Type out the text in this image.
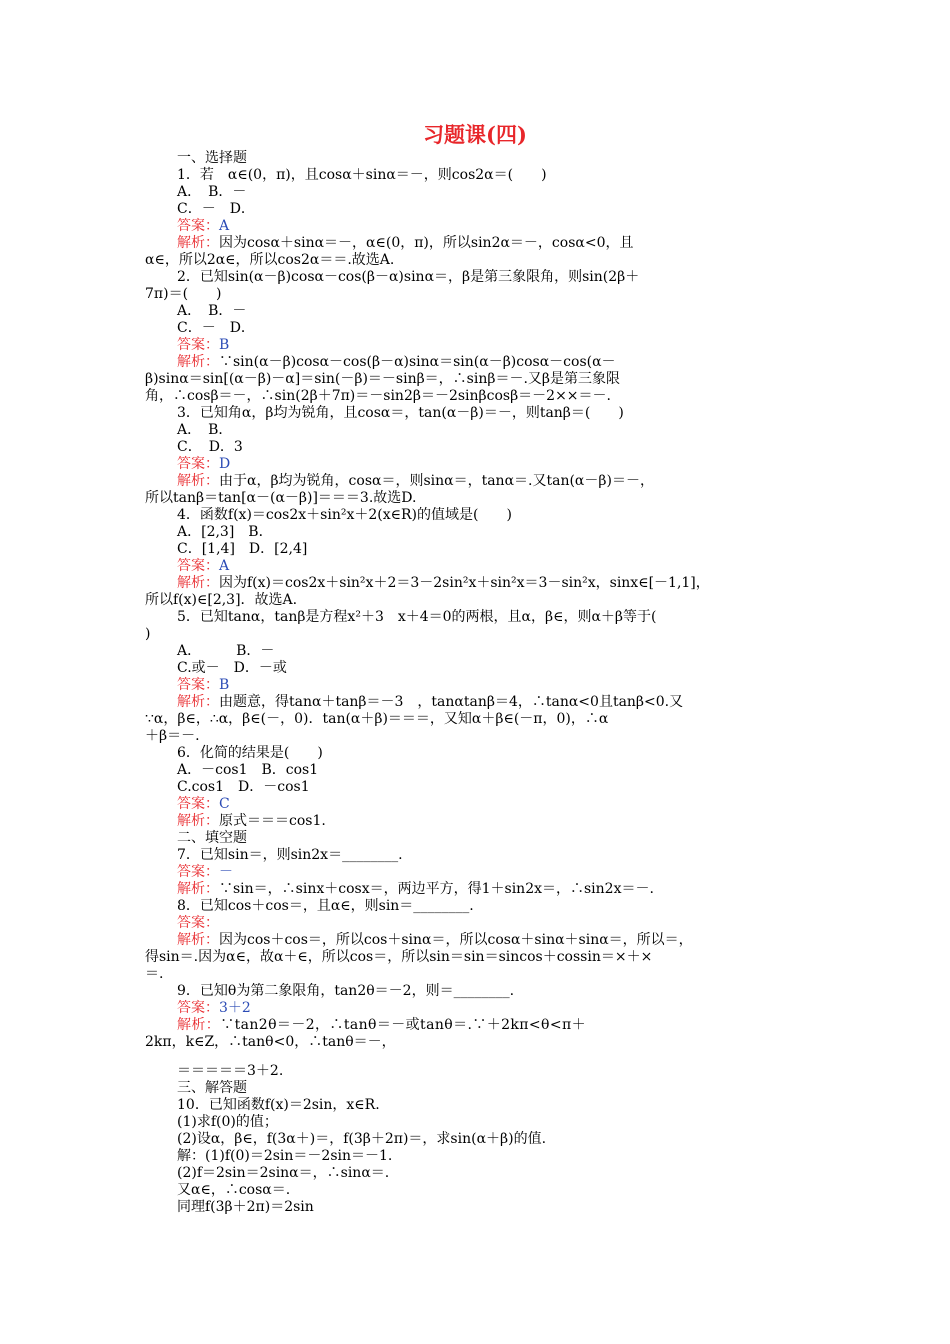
习题课(四)
一、选择题
1．若　α∈(0，π)，且cosα＋sinα＝－，则cos2α＝(　　)
A．　B．－
C．－　D．
答案：A
解析：因为cosα＋sinα＝－，α∈(0，π)，所以sin2α＝－，cosα<0，且
α∈，所以2α∈，所以cos2α＝＝.故选A.
2．已知sin(α－β)cosα－cos(β－α)sinα＝，β是第三象限角，则sin(2β＋
7π)＝(　　)
A．　B．－
C．－　D．
答案：B
解析：∵sin(α－β)cosα－cos(β－α)sinα＝sin(α－β)cosα－cos(α－
β)sinα＝sin[(α－β)－α]＝sin(－β)＝－sinβ＝，∴sinβ＝－.又β是第三象限
角，∴cosβ＝－，∴sin(2β＋7π)＝－sin2β＝－2sinβcosβ＝－2××＝－.
3．已知角α，β均为锐角，且cosα＝，tan(α－β)＝－，则tanβ＝(　　)
A．　B．
C．　D．3
答案：D
解析：由于α，β均为锐角，cosα＝，则sinα＝，tanα＝.又tan(α－β)＝－，
所以tanβ＝tan[α－(α－β)]＝＝＝3.故选D.
4．函数f(x)＝cos2x＋sin²x＋2(x∈R)的值域是(　　)
A．[2,3]　B．
C．[1,4]　D．[2,4]
答案：A
解析：因为f(x)＝cos2x＋sin²x＋2＝3－2sin²x＋sin²x＝3－sin²x，sinx∈[－1,1]，
所以f(x)∈[2,3]．故选A.
5．已知tanα，tanβ是方程x²＋3　x＋4＝0的两根，且α，β∈，则α＋β等于(
)
A．　　　B．－
C.或－　D．－或
答案：B
解析：由题意，得tanα＋tanβ＝－3　，tanαtanβ＝4，∴tanα<0且tanβ<0.又
∵α，β∈，∴α，β∈(－，0)．tan(α＋β)＝＝＝，又知α＋β∈(－π，0)，∴α
＋β＝－.
6．化简的结果是(　　)
A．－cos1　B．cos1
C.cos1　D．－cos1
答案：C
解析：原式＝＝＝cos1.
二、填空题
7．已知sin＝，则sin2x＝________.
答案：－
解析：∵sin＝，∴sinx＋cosx＝，两边平方，得1＋sin2x＝，∴sin2x＝－.
8．已知cos＋cos＝，且α∈，则sin＝________.
答案：
解析：因为cos＋cos＝，所以cos＋sinα＝，所以cosα＋sinα＋sinα＝，所以＝，
得sin＝.因为α∈，故α＋∈，所以cos＝，所以sin＝sin＝sincos＋cossin＝×＋×
＝.
9．已知θ为第二象限角，tan2θ＝－2，则＝________.
答案：3＋2
解析：∵tan2θ＝－2，∴tanθ＝－或tanθ＝.∵＋2kπ<θ<π＋
2kπ，k∈Z，∴tanθ<0，∴tanθ＝－，
＝＝＝＝＝3＋2.
三、解答题
10．已知函数f(x)＝2sin，x∈R.
(1)求f(0)的值；
(2)设α，β∈，f(3α＋)＝，f(3β＋2π)＝，求sin(α＋β)的值.
解：(1)f(0)＝2sin＝－2sin＝－1.
(2)f＝2sin＝2sinα＝，∴sinα＝.
又α∈，∴cosα＝.
同理f(3β＋2π)＝2sin
